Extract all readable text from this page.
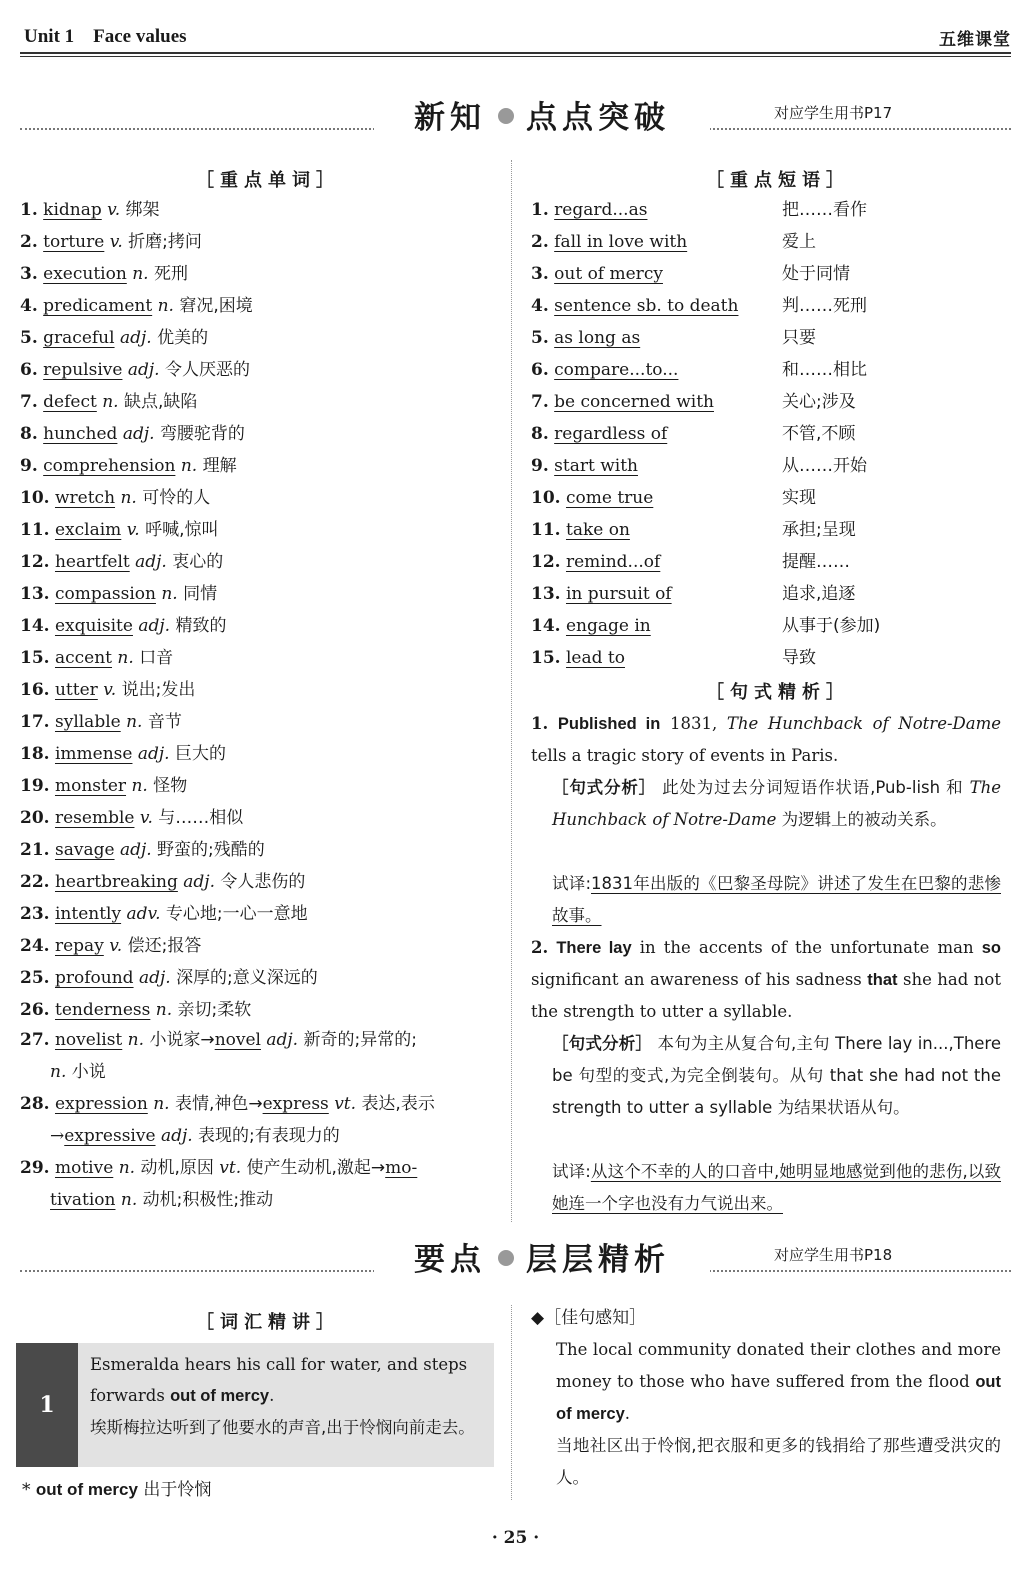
Unit 1    Face values	五维课堂
新知 点点突破	对应学生用书P17
［重点单词］
1. kidnap v. 绑架
2. torture v. 折磨;拷问
3. execution n. 死刑
4. predicament n. 窘况,困境
5. graceful adj. 优美的
6. repulsive adj. 令人厌恶的
7. defect n. 缺点,缺陷
8. hunched adj. 弯腰驼背的
9. comprehension n. 理解
10. wretch n. 可怜的人
11. exclaim v. 呼喊,惊叫
12. heartfelt adj. 衷心的
13. compassion n. 同情
14. exquisite adj. 精致的
15. accent n. 口音
16. utter v. 说出;发出
17. syllable n. 音节
18. immense adj. 巨大的
19. monster n. 怪物
20. resemble v. 与……相似
21. savage adj. 野蛮的;残酷的
22. heartbreaking adj. 令人悲伤的
23. intently adv. 专心地;一心一意地
24. repay v. 偿还;报答
25. profound adj. 深厚的;意义深远的
26. tenderness n. 亲切;柔软
27. novelist n. 小说家→novel adj. 新奇的;异常的;
n. 小说
28. expression n. 表情,神色→express vt. 表达,表示
→expressive adj. 表现的;有表现力的
29. motive n. 动机,原因 vt. 使产生动机,激起→mo-
tivation n. 动机;积极性;推动
［重点短语］
1. regard...as	把……看作
2. fall in love with	爱上
3. out of mercy	处于同情
4. sentence sb. to death	判……死刑
5. as long as	只要
6. compare...to...	和……相比
7. be concerned with	关心;涉及
8. regardless of	不管,不顾
9. start with	从……开始
10. come true	实现
11. take on	承担;呈现
12. remind...of	提醒……
13. in pursuit of	追求,追逐
14. engage in	从事于(参加)
15. lead to	导致
［句式精析］
1. Published in 1831, The Hunchback of Notre-Dame tells a tragic story of events in Paris.
［句式分析］ 此处为过去分词短语作状语,Pub-lish 和 The Hunchback of Notre-Dame 为逻辑上的被动关系。
试译:1831年出版的《巴黎圣母院》讲述了发生在巴黎的悲惨故事。
2. There lay in the accents of the unfortunate man so significant an awareness of his sadness that she had not the strength to utter a syllable.
［句式分析］ 本句为主从复合句,主句 There lay in...,There be 句型的变式,为完全倒装句。从句 that she had not the strength to utter a syllable 为结果状语从句。
试译:从这个不幸的人的口音中,她明显地感觉到他的悲伤,以致她连一个字也没有力气说出来。
要点 层层精析	对应学生用书P18
［词汇精讲］
1
Esmeralda hears his call for water, and steps forwards out of mercy.
埃斯梅拉达听到了他要水的声音,出于怜悯向前走去。
* out of mercy 出于怜悯
◆［佳句感知］
The local community donated their clothes and more money to those who have suffered from the flood out of mercy.
当地社区出于怜悯,把衣服和更多的钱捐给了那些遭受洪灾的人。
· 25 ·
